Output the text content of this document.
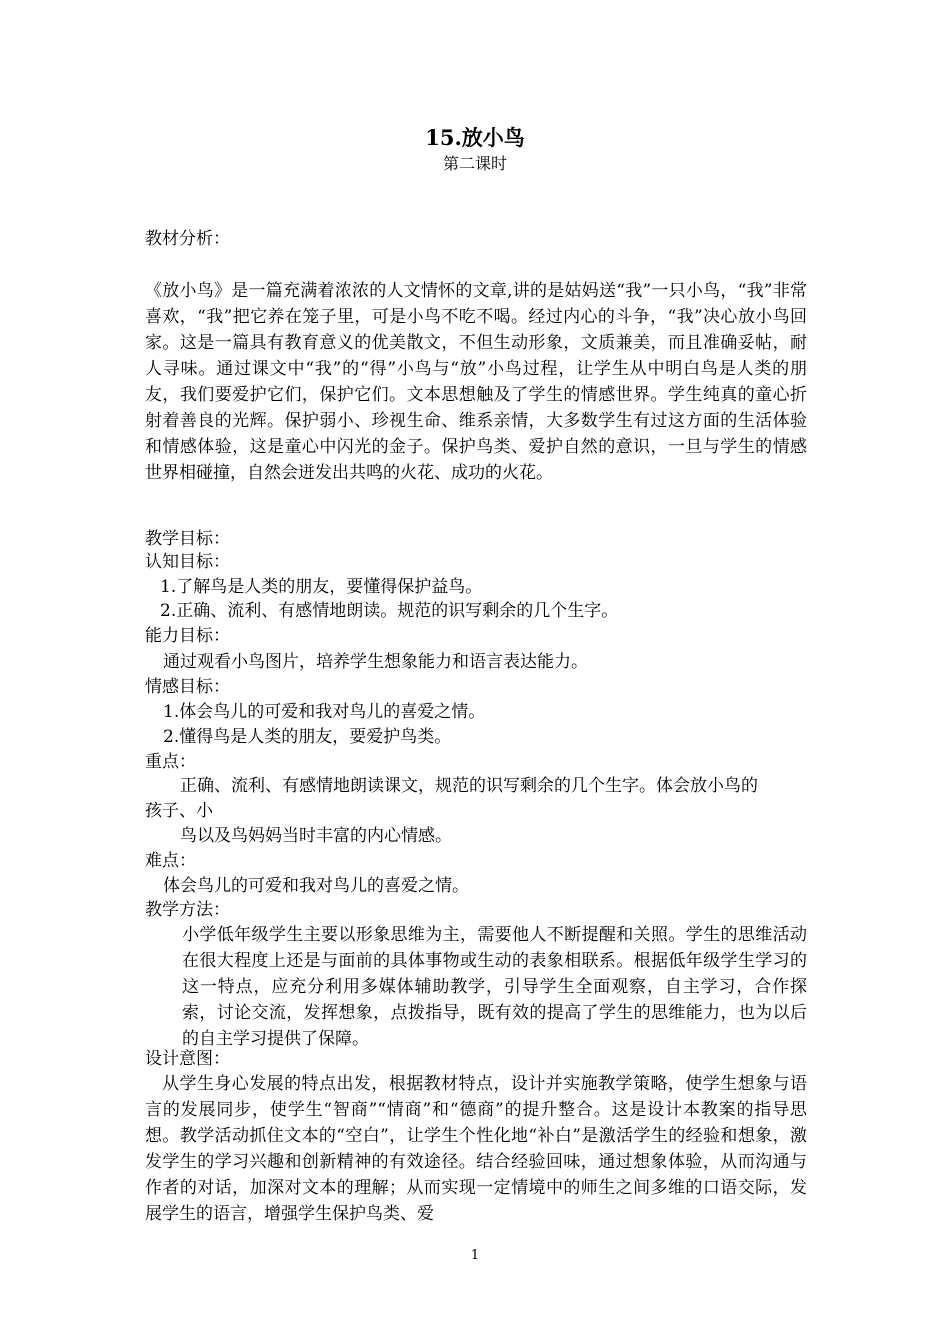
15.放小鸟
第二课时
教材分析：
《放小鸟》是一篇充满着浓浓的人文情怀的文章,讲的是姑妈送“我”一只小鸟，“我”非常喜欢，“我”把它养在笼子里，可是小鸟不吃不喝。经过内心的斗争，“我”决心放小鸟回家。这是一篇具有教育意义的优美散文，不但生动形象，文质兼美，而且准确妥帖，耐人寻味。通过课文中“我”的“得”小鸟与“放”小鸟过程，让学生从中明白鸟是人类的朋友，我们要爱护它们，保护它们。文本思想触及了学生的情感世界。学生纯真的童心折射着善良的光辉。保护弱小、珍视生命、维系亲情，大多数学生有过这方面的生活体验和情感体验，这是童心中闪光的金子。保护鸟类、爱护自然的意识，一旦与学生的情感世界相碰撞，自然会迸发出共鸣的火花、成功的火花。
教学目标：
认知目标：
1.了解鸟是人类的朋友，要懂得保护益鸟。
2.正确、流利、有感情地朗读。规范的识写剩余的几个生字。
能力目标：
通过观看小鸟图片，培养学生想象能力和语言表达能力。
情感目标：
1.体会鸟儿的可爱和我对鸟儿的喜爱之情。
2.懂得鸟是人类的朋友，要爱护鸟类。
重点：
正确、流利、有感情地朗读课文，规范的识写剩余的几个生字。体会放小鸟的
孩子、小
鸟以及鸟妈妈当时丰富的内心情感。
难点：
体会鸟儿的可爱和我对鸟儿的喜爱之情。
教学方法：
小学低年级学生主要以形象思维为主，需要他人不断提醒和关照。学生的思维活动在很大程度上还是与面前的具体事物或生动的表象相联系。根据低年级学生学习的这一特点，应充分利用多媒体辅助教学，引导学生全面观察，自主学习，合作探索，讨论交流，发挥想象，点拨指导，既有效的提高了学生的思维能力，也为以后的自主学习提供了保障。
设计意图：
从学生身心发展的特点出发，根据教材特点，设计并实施教学策略，使学生想象与语言的发展同步，使学生“智商”“情商”和“德商”的提升整合。这是设计本教案的指导思想。教学活动抓住文本的“空白”，让学生个性化地“补白”是激活学生的经验和想象，激发学生的学习兴趣和创新精神的有效途径。结合经验回味，通过想象体验，从而沟通与作者的对话，加深对文本的理解；从而实现一定情境中的师生之间多维的口语交际，发展学生的语言，增强学生保护鸟类、爱
1
